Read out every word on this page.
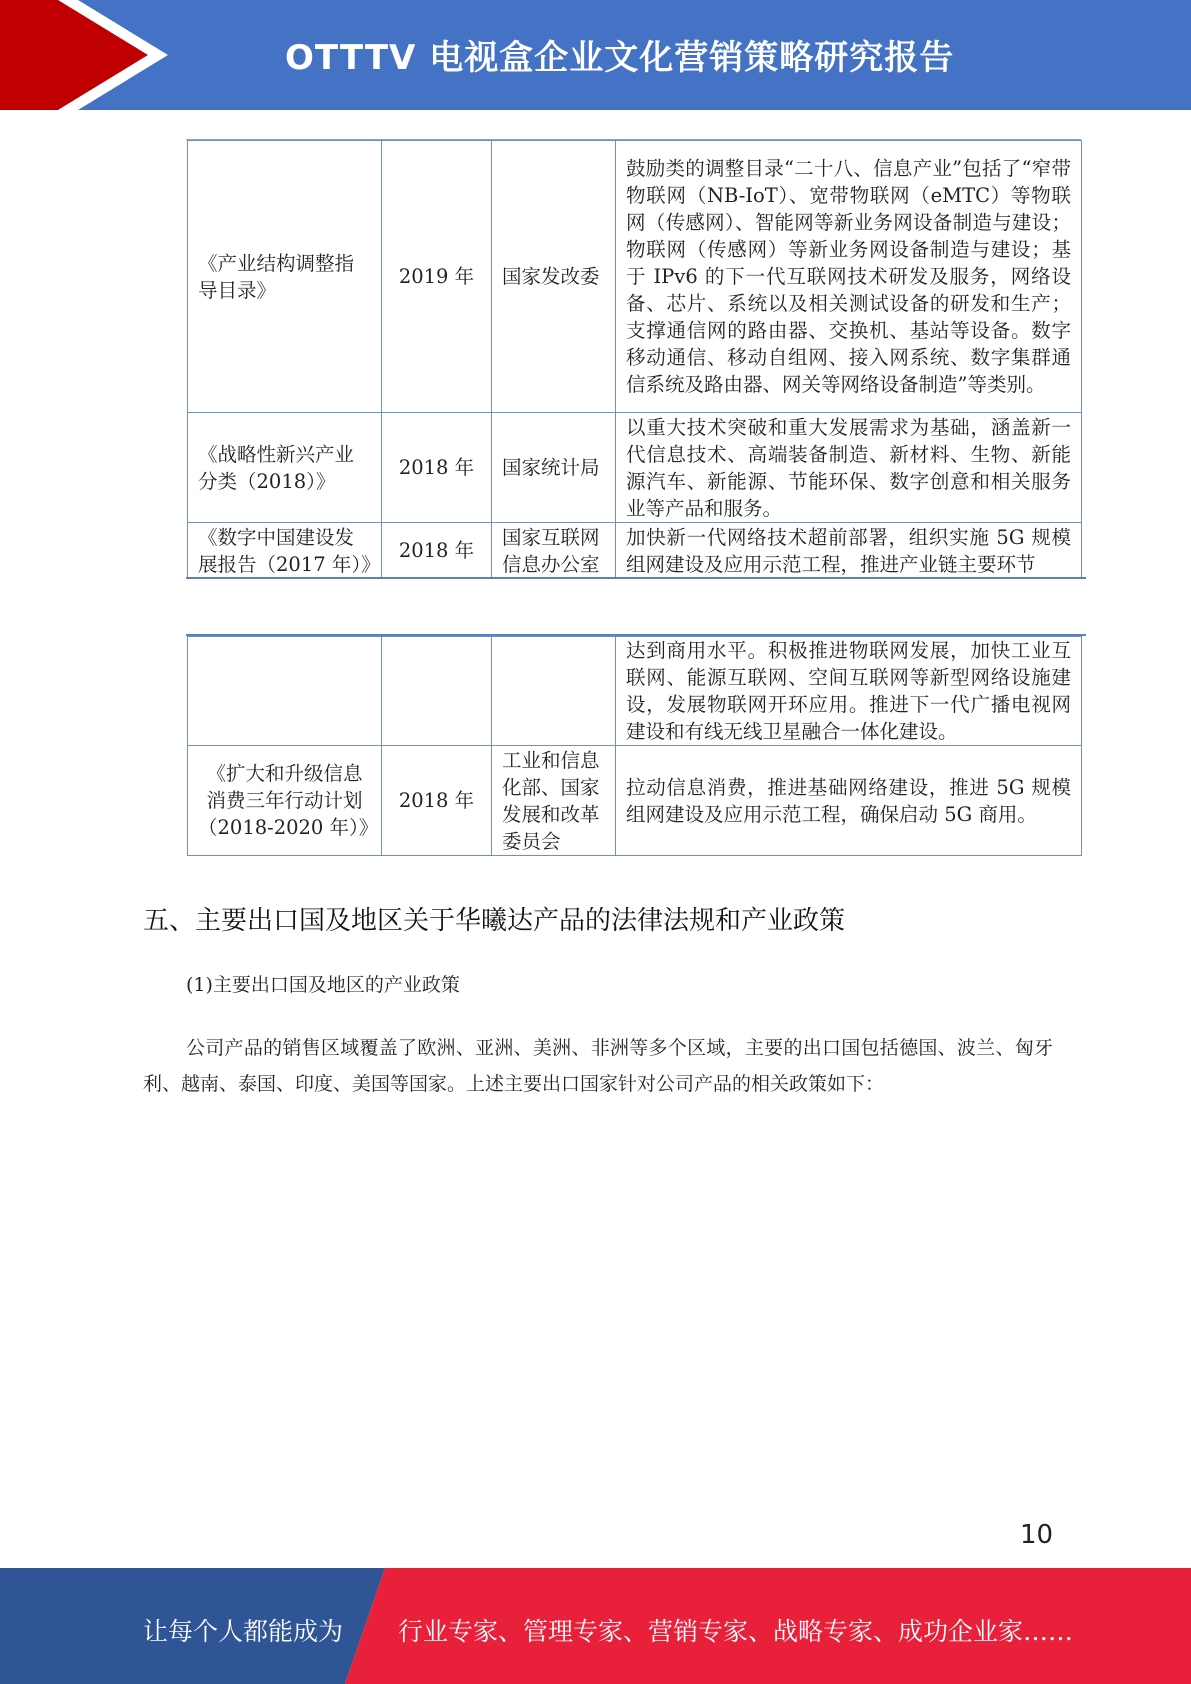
OTTTV 电视盒企业文化营销策略研究报告
《产业结构调整指导目录》	2019 年	国家发改委	鼓励类的调整目录“二十八、信息产业”包括了“窄带物联网（NB-IoT）、宽带物联网（eMTC）等物联网（传感网）、智能网等新业务网设备制造与建设；物联网（传感网）等新业务网设备制造与建设；基于 IPv6 的下一代互联网技术研发及服务，网络设备、芯片、系统以及相关测试设备的研发和生产；支撑通信网的路由器、交换机、基站等设备。数字移动通信、移动自组网、接入网系统、数字集群通信系统及路由器、网关等网络设备制造”等类别。
《战略性新兴产业分类（2018）》	2018 年	国家统计局	以重大技术突破和重大发展需求为基础，涵盖新一代信息技术、高端装备制造、新材料、生物、新能源汽车、新能源、节能环保、数字创意和相关服务业等产品和服务。
《数字中国建设发展报告（2017 年）》	2018 年	国家互联网信息办公室	加快新一代网络技术超前部署，组织实施 5G 规模组网建设及应用示范工程，推进产业链主要环节
			达到商用水平。积极推进物联网发展，加快工业互联网、能源互联网、空间互联网等新型网络设施建设，发展物联网开环应用。推进下一代广播电视网建设和有线无线卫星融合一体化建设。
《扩大和升级信息消费三年行动计划（2018-2020 年）》	2018 年	工业和信息化部、国家发展和改革委员会	拉动信息消费，推进基础网络建设，推进 5G 规模组网建设及应用示范工程，确保启动 5G 商用。
五、主要出口国及地区关于华曦达产品的法律法规和产业政策
(1)主要出口国及地区的产业政策
公司产品的销售区域覆盖了欧洲、亚洲、美洲、非洲等多个区域，主要的出口国包括德国、波兰、匈牙利、越南、泰国、印度、美国等国家。上述主要出口国家针对公司产品的相关政策如下：
10
让每个人都能成为 行业专家、管理专家、营销专家、战略专家、成功企业家……
